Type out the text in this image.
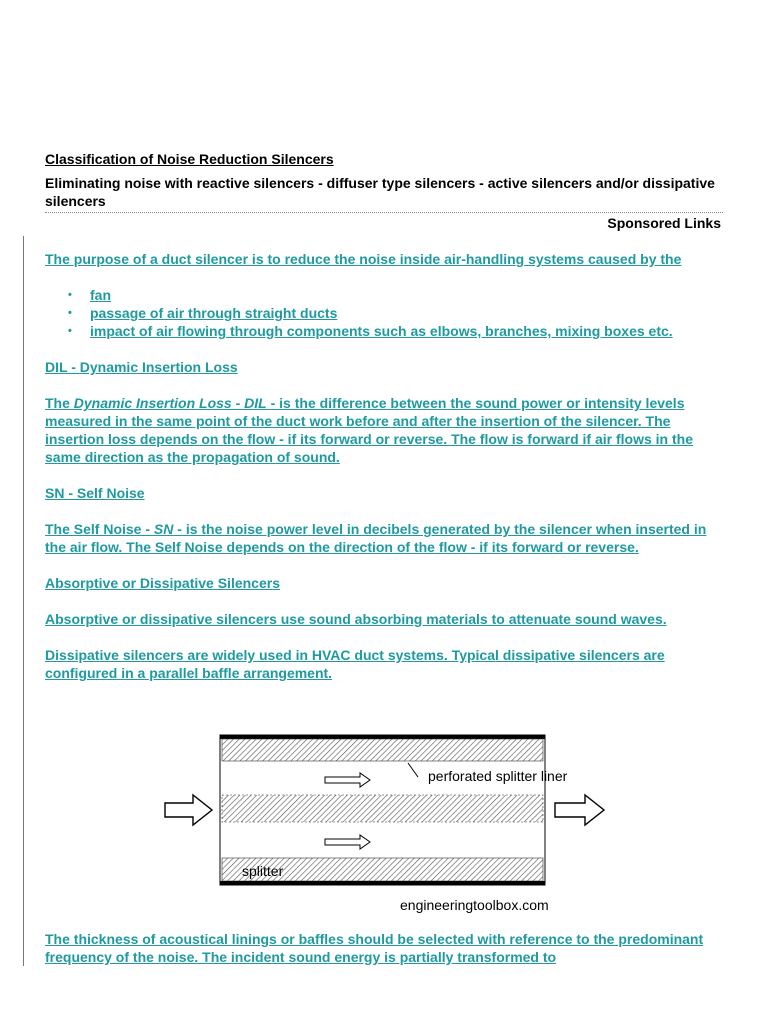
Classification of Noise Reduction Silencers
Eliminating noise with reactive silencers - diffuser type silencers - active silencers and/or dissipative silencers
Sponsored Links

The purpose of a duct silencer is to reduce the noise inside air-handling systems caused by the

• fan
• passage of air through straight ducts
• impact of air flowing through components such as elbows, branches, mixing boxes etc.

DIL - Dynamic Insertion Loss

The Dynamic Insertion Loss - DIL - is the difference between the sound power or intensity levels measured in the same point of the duct work before and after the insertion of the silencer. The insertion loss depends on the flow - if its forward or reverse. The flow is forward if air flows in the same direction as the propagation of sound.

SN - Self Noise

The Self Noise - SN - is the noise power level in decibels generated by the silencer when inserted in the air flow. The Self Noise depends on the direction of the flow - if its forward or reverse.

Absorptive or Dissipative Silencers

Absorptive or dissipative silencers use sound absorbing materials to attenuate sound waves.

Dissipative silencers are widely used in HVAC duct systems. Typical dissipative silencers are configured in a parallel baffle arrangement.

perforated splitter liner
splitter
engineeringtoolbox.com
The thickness of acoustical linings or baffles should be selected with reference to the predominant frequency of the noise. The incident sound energy is partially transformed to
